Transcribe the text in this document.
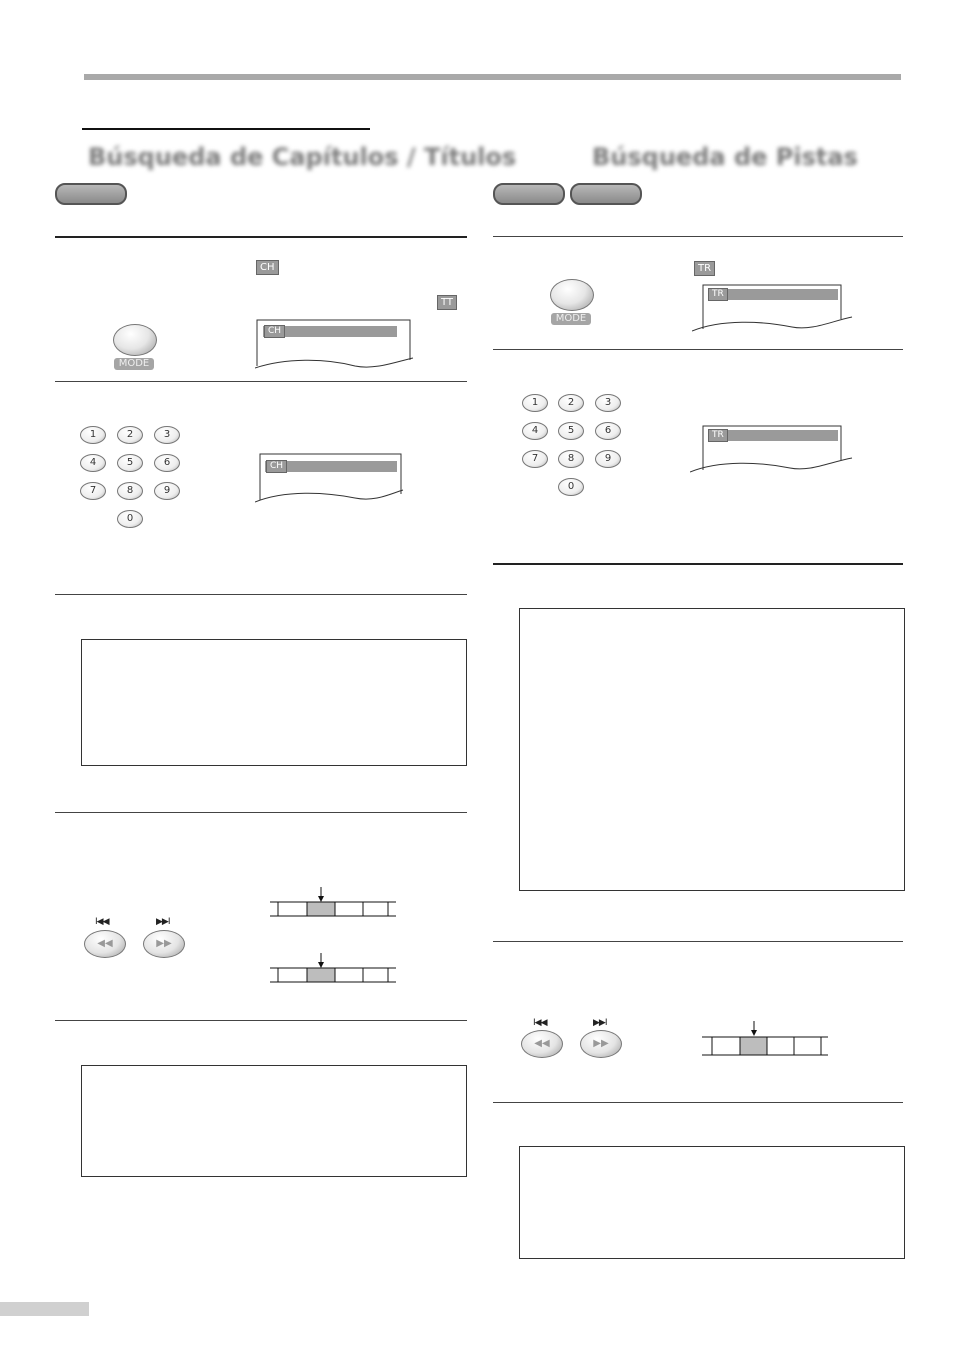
Búsqueda de Capítulos / Títulos
CH
TT
MODE
CH
1	2	3
4	5	6
7	8	9
0
CH
I◀◀	▶▶I
◀◀	▶▶
Búsqueda de Pistas
TR
MODE
TR
1	2	3
4	5	6
7	8	9
0
TR
I◀◀	▶▶I
◀◀	▶▶
